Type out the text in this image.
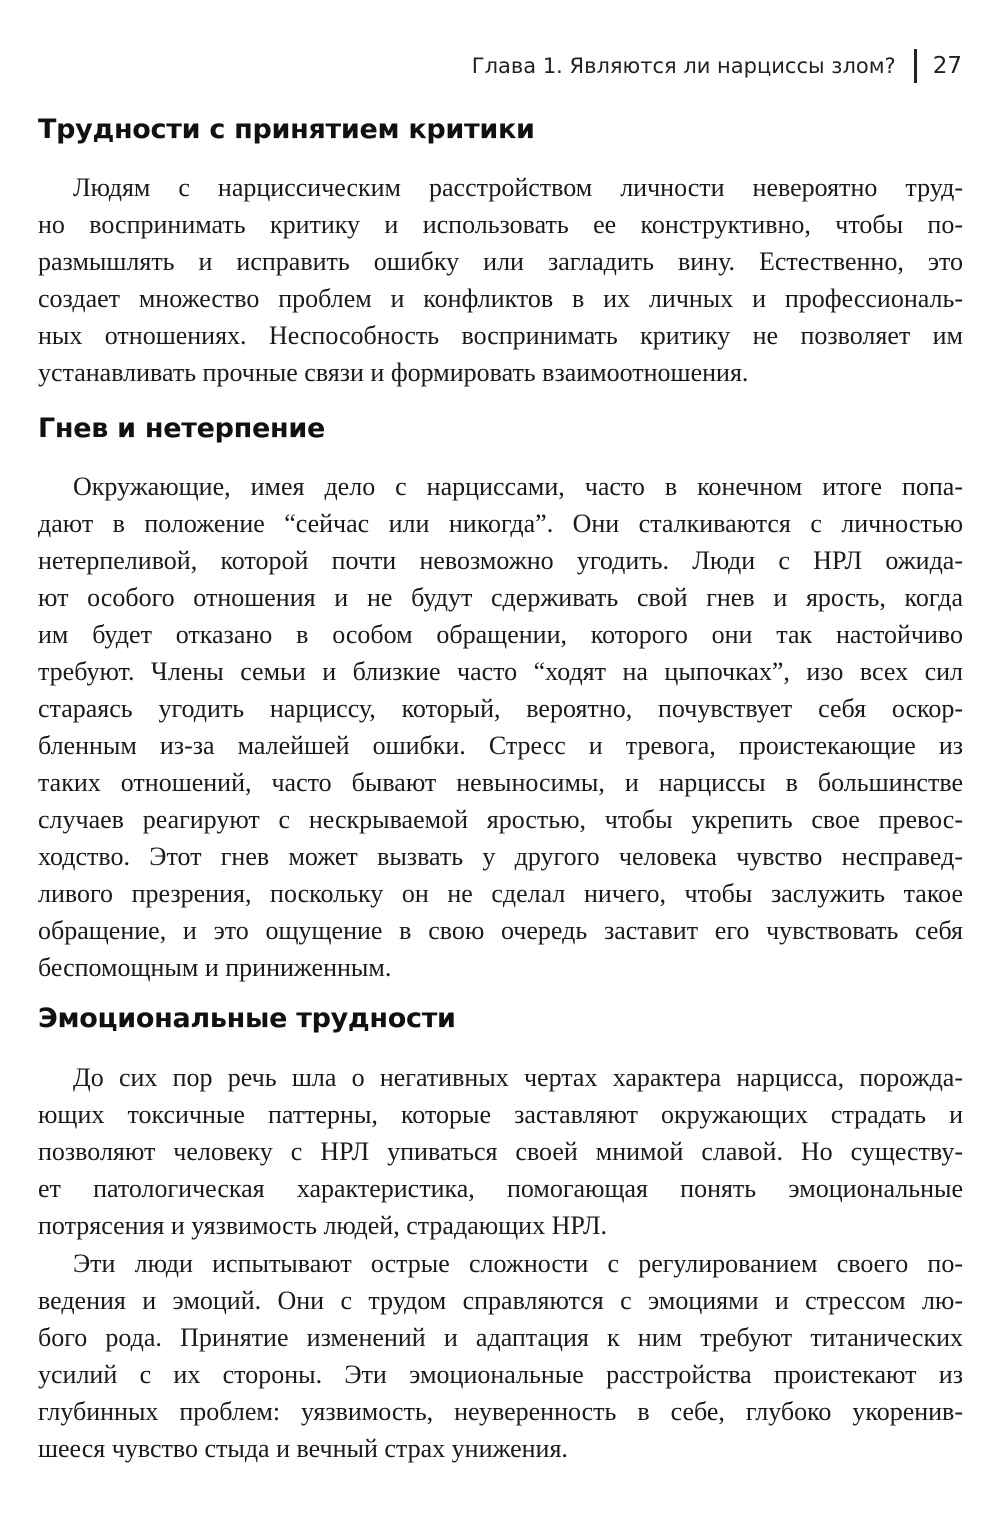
Глава 1. Являются ли нарциссы злом? 27
Трудности с принятием критики
Людям с нарциссическим расстройством личности невероятно труд-
но воспринимать критику и использовать ее конструктивно, чтобы по-
размышлять и исправить ошибку или загладить вину. Естественно, это
создает множество проблем и конфликтов в их личных и профессиональ-
ных отношениях. Неспособность воспринимать критику не позволяет им
устанавливать прочные связи и формировать взаимоотношения.
Гнев и нетерпение
Окружающие, имея дело с нарциссами, часто в конечном итоге попа-
дают в положение “сейчас или никогда”. Они сталкиваются с личностью
нетерпеливой, которой почти невозможно угодить. Люди с НРЛ ожида-
ют особого отношения и не будут сдерживать свой гнев и ярость, когда
им будет отказано в особом обращении, которого они так настойчиво
требуют. Члены семьи и близкие часто “ходят на цыпочках”, изо всех сил
стараясь угодить нарциссу, который, вероятно, почувствует себя оскор-
бленным из-за малейшей ошибки. Стресс и тревога, проистекающие из
таких отношений, часто бывают невыносимы, и нарциссы в большинстве
случаев реагируют с нескрываемой яростью, чтобы укрепить свое превос-
ходство. Этот гнев может вызвать у другого человека чувство несправед-
ливого презрения, поскольку он не сделал ничего, чтобы заслужить такое
обращение, и это ощущение в свою очередь заставит его чувствовать себя
беспомощным и приниженным.
Эмоциональные трудности
До сих пор речь шла о негативных чертах характера нарцисса, порожда-
ющих токсичные паттерны, которые заставляют окружающих страдать и
позволяют человеку с НРЛ упиваться своей мнимой славой. Но существу-
ет патологическая характеристика, помогающая понять эмоциональные
потрясения и уязвимость людей, страдающих НРЛ.
Эти люди испытывают острые сложности с регулированием своего по-
ведения и эмоций. Они с трудом справляются с эмоциями и стрессом лю-
бого рода. Принятие изменений и адаптация к ним требуют титанических
усилий с их стороны. Эти эмоциональные расстройства проистекают из
глубинных проблем: уязвимость, неуверенность в себе, глубоко укоренив-
шееся чувство стыда и вечный страх унижения.
